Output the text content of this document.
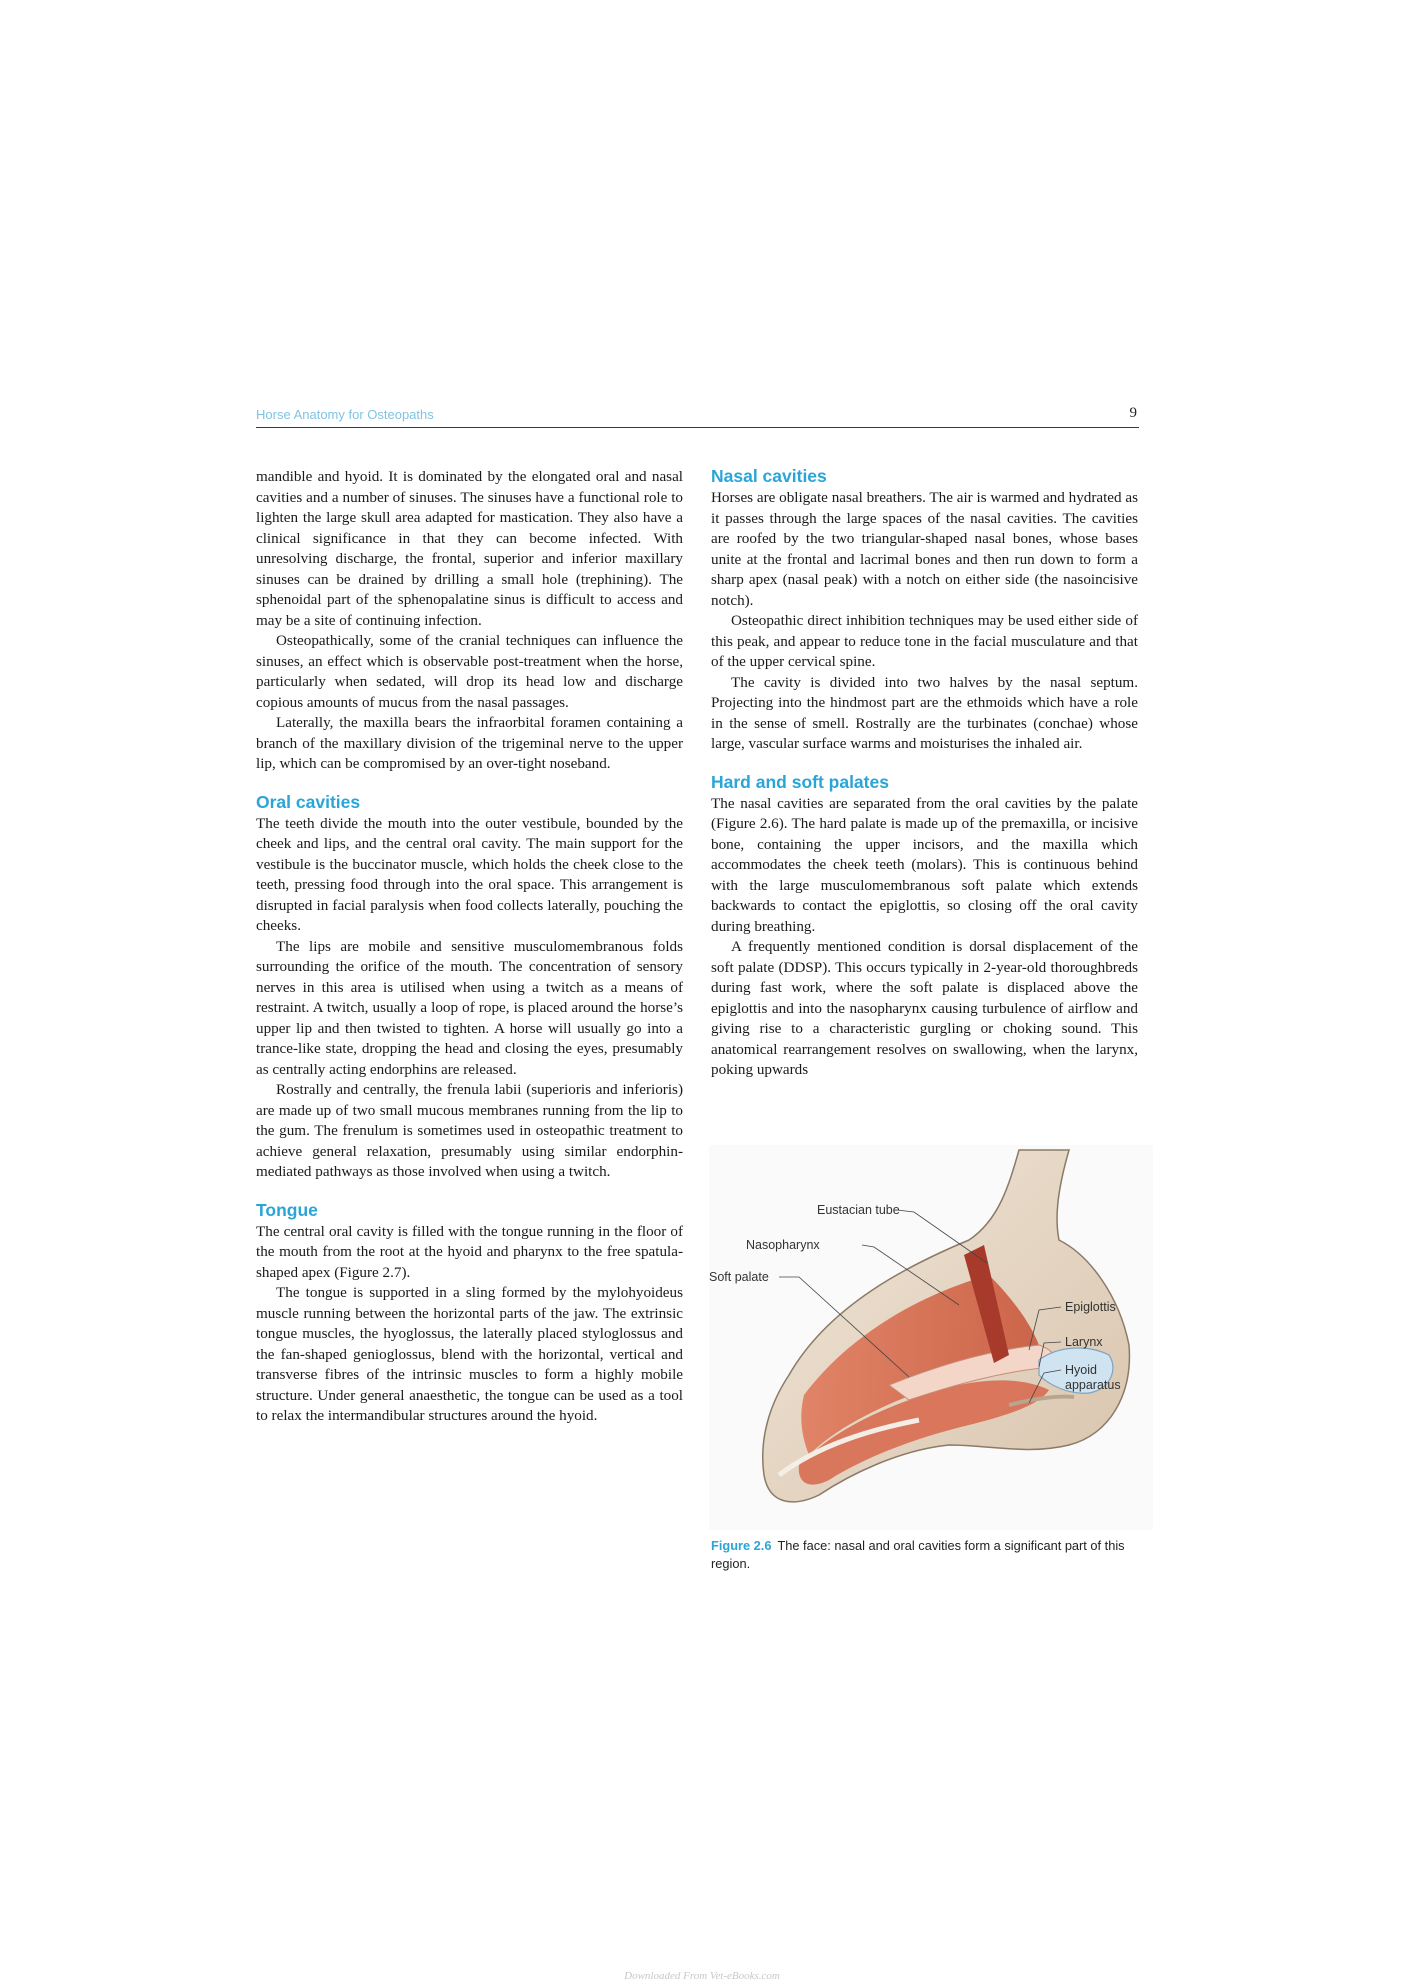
Horse Anatomy for Osteopaths	9

mandible and hyoid. It is dominated by the elongated oral and nasal cavities and a number of sinuses. The sinuses have a functional role to lighten the large skull area adapted for mastication. They also have a clinical significance in that they can become infected. With unresolving discharge, the frontal, superior and inferior maxillary sinuses can be drained by drilling a small hole (trephining). The sphenoidal part of the sphenopalatine sinus is difficult to access and may be a site of continuing infection.

Osteopathically, some of the cranial techniques can influence the sinuses, an effect which is observable post-treatment when the horse, particularly when sedated, will drop its head low and discharge copious amounts of mucus from the nasal passages.

Laterally, the maxilla bears the infraorbital foramen containing a branch of the maxillary division of the trigeminal nerve to the upper lip, which can be compromised by an over-tight noseband.

Oral cavities

The teeth divide the mouth into the outer vestibule, bounded by the cheek and lips, and the central oral cavity. The main support for the vestibule is the buccinator muscle, which holds the cheek close to the teeth, pressing food through into the oral space. This arrangement is disrupted in facial paralysis when food collects laterally, pouching the cheeks.

The lips are mobile and sensitive musculomembranous folds surrounding the orifice of the mouth. The concentration of sensory nerves in this area is utilised when using a twitch as a means of restraint. A twitch, usually a loop of rope, is placed around the horse’s upper lip and then twisted to tighten. A horse will usually go into a trance-like state, dropping the head and closing the eyes, presumably as centrally acting endorphins are released.

Rostrally and centrally, the frenula labii (superioris and inferioris) are made up of two small mucous membranes running from the lip to the gum. The frenulum is sometimes used in osteopathic treatment to achieve general relaxation, presumably using similar endorphin-mediated pathways as those involved when using a twitch.

Tongue

The central oral cavity is filled with the tongue running in the floor of the mouth from the root at the hyoid and pharynx to the free spatula-shaped apex (Figure 2.7).

The tongue is supported in a sling formed by the mylohyoideus muscle running between the horizontal parts of the jaw. The extrinsic tongue muscles, the hyoglossus, the laterally placed styloglossus and the fan-shaped genioglossus, blend with the horizontal, vertical and transverse fibres of the intrinsic muscles to form a highly mobile structure. Under general anaesthetic, the tongue can be used as a tool to relax the intermandibular structures around the hyoid.

Nasal cavities

Horses are obligate nasal breathers. The air is warmed and hydrated as it passes through the large spaces of the nasal cavities. The cavities are roofed by the two triangular-shaped nasal bones, whose bases unite at the frontal and lacrimal bones and then run down to form a sharp apex (nasal peak) with a notch on either side (the nasoincisive notch).

Osteopathic direct inhibition techniques may be used either side of this peak, and appear to reduce tone in the facial musculature and that of the upper cervical spine.

The cavity is divided into two halves by the nasal septum. Projecting into the hindmost part are the ethmoids which have a role in the sense of smell. Rostrally are the turbinates (conchae) whose large, vascular surface warms and moisturises the inhaled air.

Hard and soft palates

The nasal cavities are separated from the oral cavities by the palate (Figure 2.6). The hard palate is made up of the premaxilla, or incisive bone, containing the upper incisors, and the maxilla which accommodates the cheek teeth (molars). This is continuous behind with the large musculomembranous soft palate which extends backwards to contact the epiglottis, so closing off the oral cavity during breathing.

A frequently mentioned condition is dorsal displacement of the soft palate (DDSP). This occurs typically in 2-year-old thoroughbreds during fast work, where the soft palate is displaced above the epiglottis and into the nasopharynx causing turbulence of airflow and giving rise to a characteristic gurgling or choking sound. This anatomical rearrangement resolves on swallowing, when the larynx, poking upwards

Eustacian tube
Nasopharynx
Soft palate
Epiglottis
Larynx
Hyoid
apparatus
Figure 2.6 The face: nasal and oral cavities form a significant part of this region.
Downloaded From Vet-eBooks.com
